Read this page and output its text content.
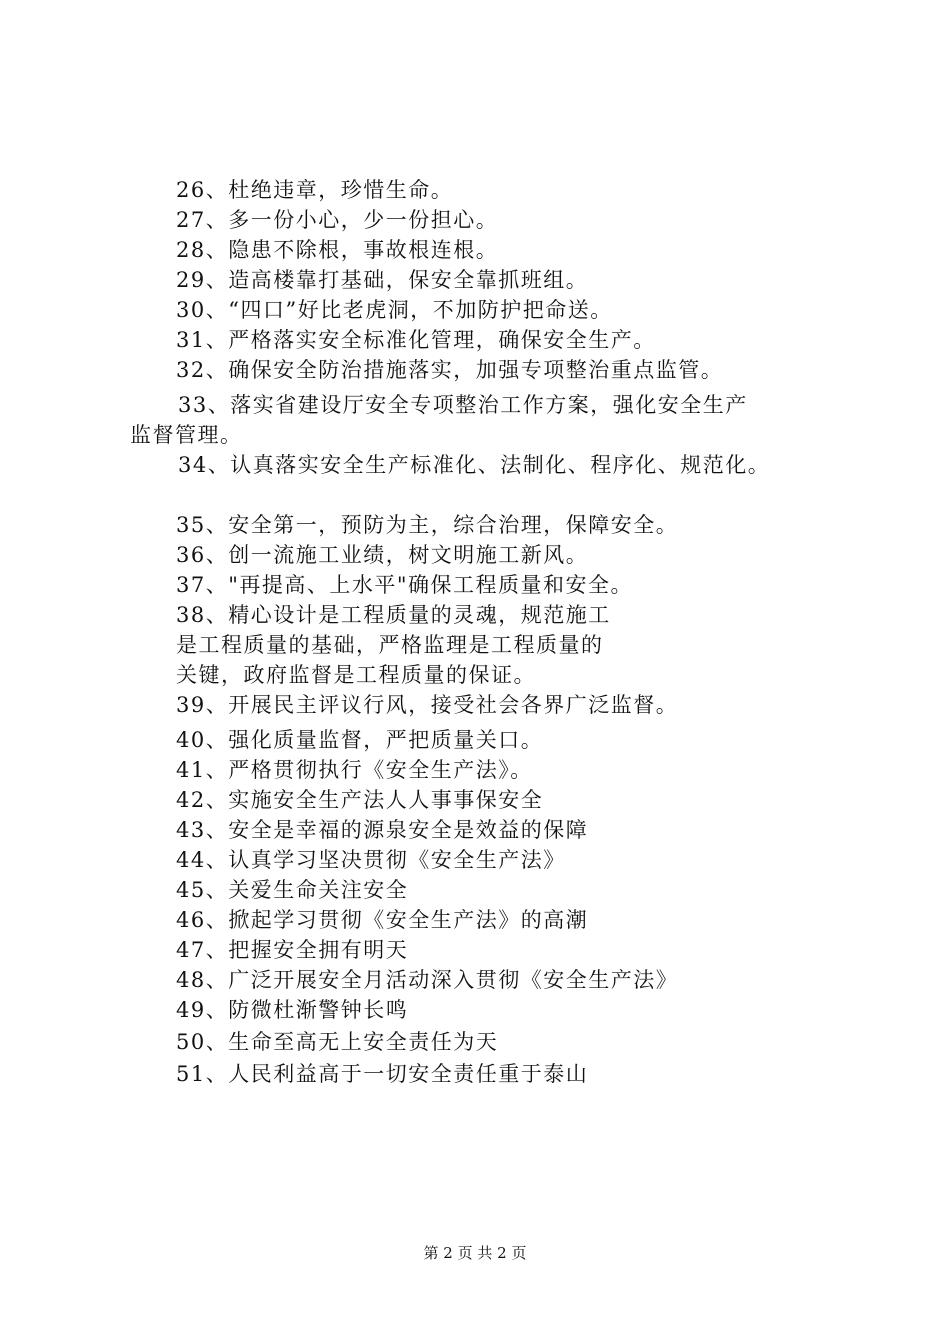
26、杜绝违章，珍惜生命。
27、多一份小心，少一份担心。
28、隐患不除根，事故根连根。
29、造高楼靠打基础，保安全靠抓班组。
30、“四口”好比老虎洞，不加防护把命送。
31、严格落实安全标准化管理，确保安全生产。
32、确保安全防治措施落实，加强专项整治重点监管。
33、落实省建设厅安全专项整治工作方案，强化安全生产
监督管理。
34、认真落实安全生产标准化、法制化、程序化、规范化。
35、安全第一，预防为主，综合治理，保障安全。
36、创一流施工业绩，树文明施工新风。
37、"再提高、上水平"确保工程质量和安全。
38、精心设计是工程质量的灵魂，规范施工
是工程质量的基础，严格监理是工程质量的
关键，政府监督是工程质量的保证。
39、开展民主评议行风，接受社会各界广泛监督。
40、强化质量监督，严把质量关口。
41、严格贯彻执行《安全生产法》。
42、实施安全生产法人人事事保安全
43、安全是幸福的源泉安全是效益的保障
44、认真学习坚决贯彻《安全生产法》
45、关爱生命关注安全
46、掀起学习贯彻《安全生产法》的高潮
47、把握安全拥有明天
48、广泛开展安全月活动深入贯彻《安全生产法》
49、防微杜渐警钟长鸣
50、生命至高无上安全责任为天
51、人民利益高于一切安全责任重于泰山
第 2 页 共 2 页
